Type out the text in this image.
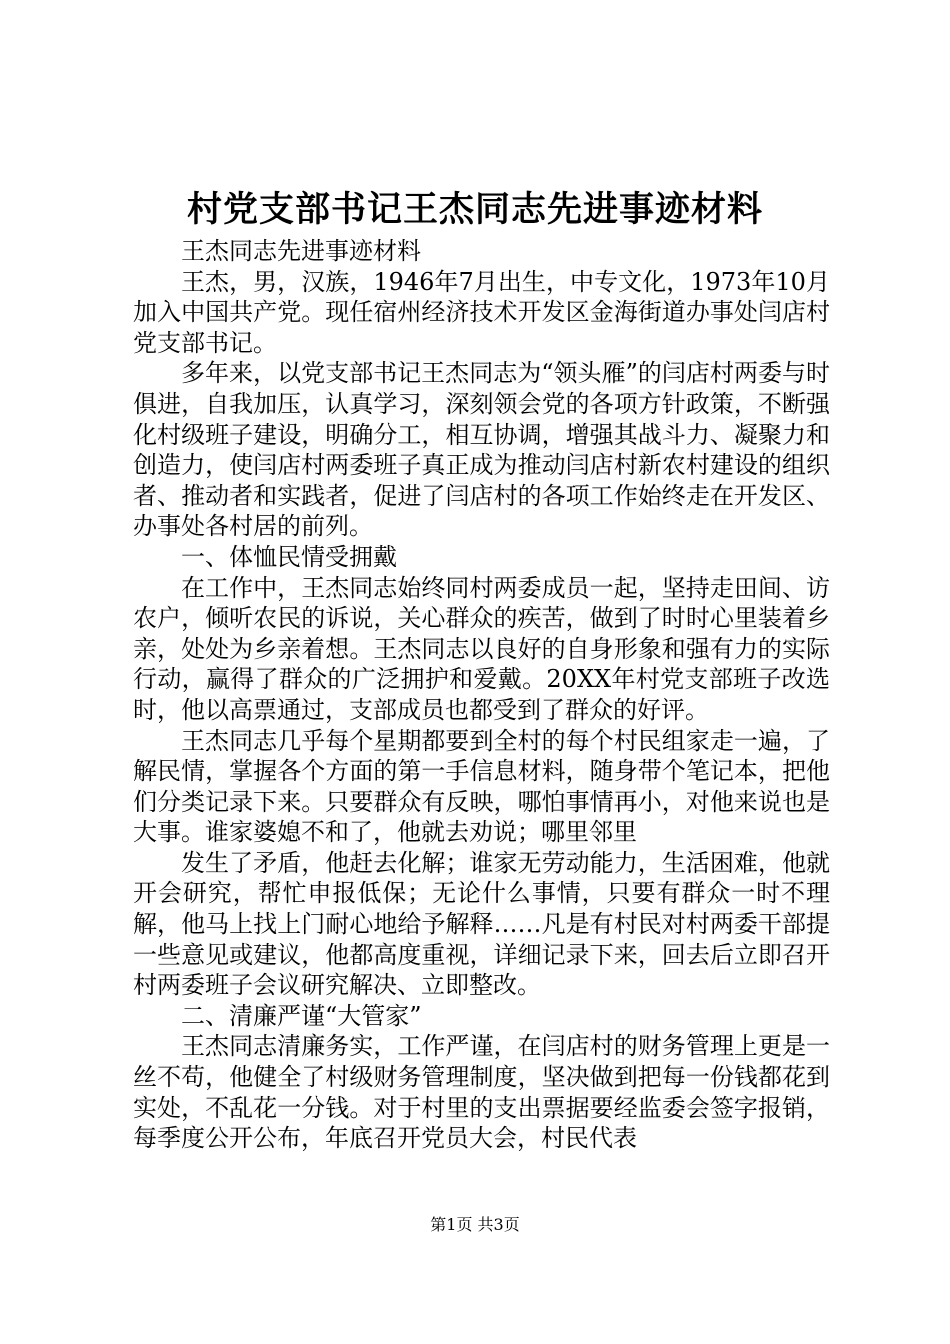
村党支部书记王杰同志先进事迹材料

王杰同志先进事迹材料

王杰，男，汉族，1946年7月出生，中专文化，1973年10月加入中国共产党。现任宿州经济技术开发区金海街道办事处闫店村党支部书记。

多年来，以党支部书记王杰同志为“领头雁”的闫店村两委与时俱进，自我加压，认真学习，深刻领会党的各项方针政策，不断强化村级班子建设，明确分工，相互协调，增强其战斗力、凝聚力和创造力，使闫店村两委班子真正成为推动闫店村新农村建设的组织者、推动者和实践者，促进了闫店村的各项工作始终走在开发区、办事处各村居的前列。

一、体恤民情受拥戴

在工作中，王杰同志始终同村两委成员一起，坚持走田间、访农户，倾听农民的诉说，关心群众的疾苦，做到了时时心里装着乡亲，处处为乡亲着想。王杰同志以良好的自身形象和强有力的实际行动，赢得了群众的广泛拥护和爱戴。20XX年村党支部班子改选时，他以高票通过，支部成员也都受到了群众的好评。

王杰同志几乎每个星期都要到全村的每个村民组家走一遍，了解民情，掌握各个方面的第一手信息材料，随身带个笔记本，把他们分类记录下来。只要群众有反映，哪怕事情再小，对他来说也是大事。谁家婆媳不和了，他就去劝说；哪里邻里

发生了矛盾，他赶去化解；谁家无劳动能力，生活困难，他就开会研究，帮忙申报低保；无论什么事情，只要有群众一时不理解，他马上找上门耐心地给予解释……凡是有村民对村两委干部提一些意见或建议，他都高度重视，详细记录下来，回去后立即召开村两委班子会议研究解决、立即整改。

二、清廉严谨“大管家”

王杰同志清廉务实，工作严谨，在闫店村的财务管理上更是一丝不苟，他健全了村级财务管理制度，坚决做到把每一份钱都花到实处，不乱花一分钱。对于村里的支出票据要经监委会签字报销，每季度公开公布，年底召开党员大会，村民代表

第1页 共3页
